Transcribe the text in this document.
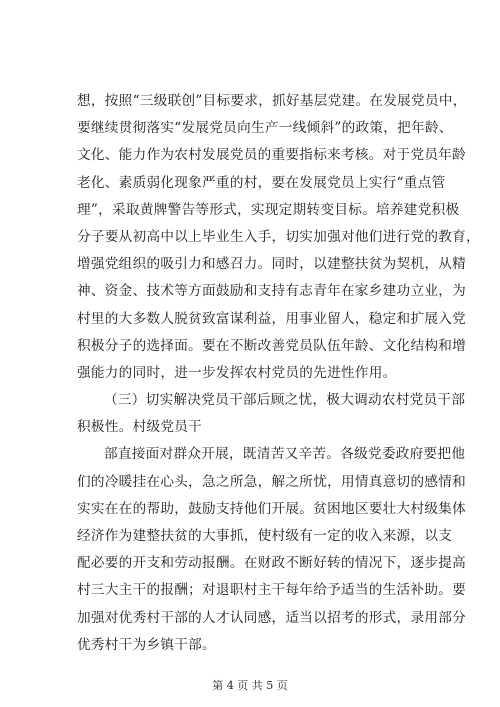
想，按照“三级联创”目标要求，抓好基层党建。在发展党员中，
要继续贯彻落实“发展党员向生产一线倾斜”的政策，把年龄、
文化、能力作为农村发展党员的重要指标来考核。对于党员年龄
老化、素质弱化现象严重的村，要在发展党员上实行“重点管
理”，采取黄牌警告等形式，实现定期转变目标。培养建党积极
分子要从初高中以上毕业生入手，切实加强对他们进行党的教育，
增强党组织的吸引力和感召力。同时，以建整扶贫为契机，从精
神、资金、技术等方面鼓励和支持有志青年在家乡建功立业，为
村里的大多数人脱贫致富谋利益，用事业留人，稳定和扩展入党
积极分子的选择面。要在不断改善党员队伍年龄、文化结构和增
强能力的同时，进一步发挥农村党员的先进性作用。
（三）切实解决党员干部后顾之忧，极大调动农村党员干部
积极性。村级党员干
部直接面对群众开展，既清苦又辛苦。各级党委政府要把他
们的冷暖挂在心头，急之所急，解之所忧，用情真意切的感情和
实实在在的帮助，鼓励支持他们开展。贫困地区要壮大村级集体
经济作为建整扶贫的大事抓，使村级有一定的收入来源，以支
配必要的开支和劳动报酬。在财政不断好转的情况下，逐步提高
村三大主干的报酬；对退职村主干每年给予适当的生活补助。要
加强对优秀村干部的人才认同感，适当以招考的形式，录用部分
优秀村干为乡镇干部。
第 4 页 共 5 页
